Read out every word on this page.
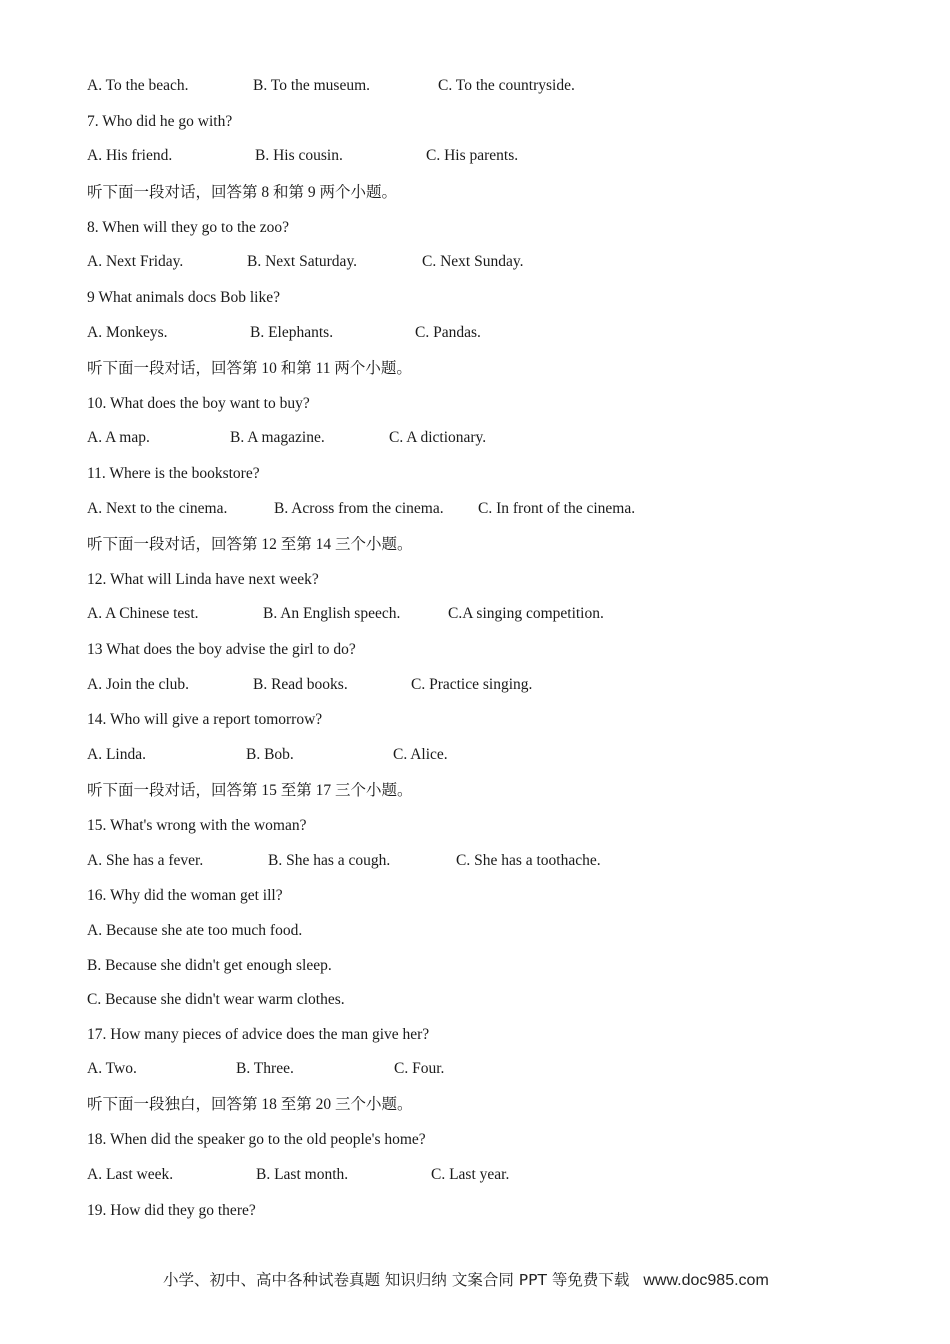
A. To the beach.	B. To the museum.	C. To the countryside.
7. Who did he go with?
A. His friend.	B. His cousin.	C. His parents.
听下面一段对话，回答第 8 和第 9 两个小题。
8. When will they go to the zoo?
A. Next Friday.	B. Next Saturday.	C. Next Sunday.
9 What animals docs Bob like?
A. Monkeys.	B. Elephants.	C. Pandas.
听下面一段对话，回答第 10 和第 11 两个小题。
10. What does the boy want to buy?
A. A map.	B. A magazine.	C. A dictionary.
11. Where is the bookstore?
A. Next to the cinema.	B. Across from the cinema. C. In front of the cinema.
听下面一段对话，回答第 12 至第 14 三个小题。
12. What will Linda have next week?
A. A Chinese test.	B. An English speech.	C.A singing competition.
13 What does the boy advise the girl to do?
A. Join the club.	B. Read books.	C. Practice singing.
14. Who will give a report tomorrow?
A. Linda.	B. Bob.	C. Alice.
听下面一段对话，回答第 15 至第 17 三个小题。
15. What's wrong with the woman?
A. She has a fever.	B. She has a cough.	C. She has a toothache.
16. Why did the woman get ill?
A. Because she ate too much food.
B. Because she didn't get enough sleep.
C. Because she didn't wear warm clothes.
17. How many pieces of advice does the man give her?
A. Two.	B. Three.	C. Four.
听下面一段独白，回答第 18 至第 20 三个小题。
18. When did the speaker go to the old people's home?
A. Last week.	B. Last month.	C. Last year.
19. How did they go there?
小学、初中、高中各种试卷真题 知识归纳 文案合同 PPT 等免费下载 www.doc985.com
